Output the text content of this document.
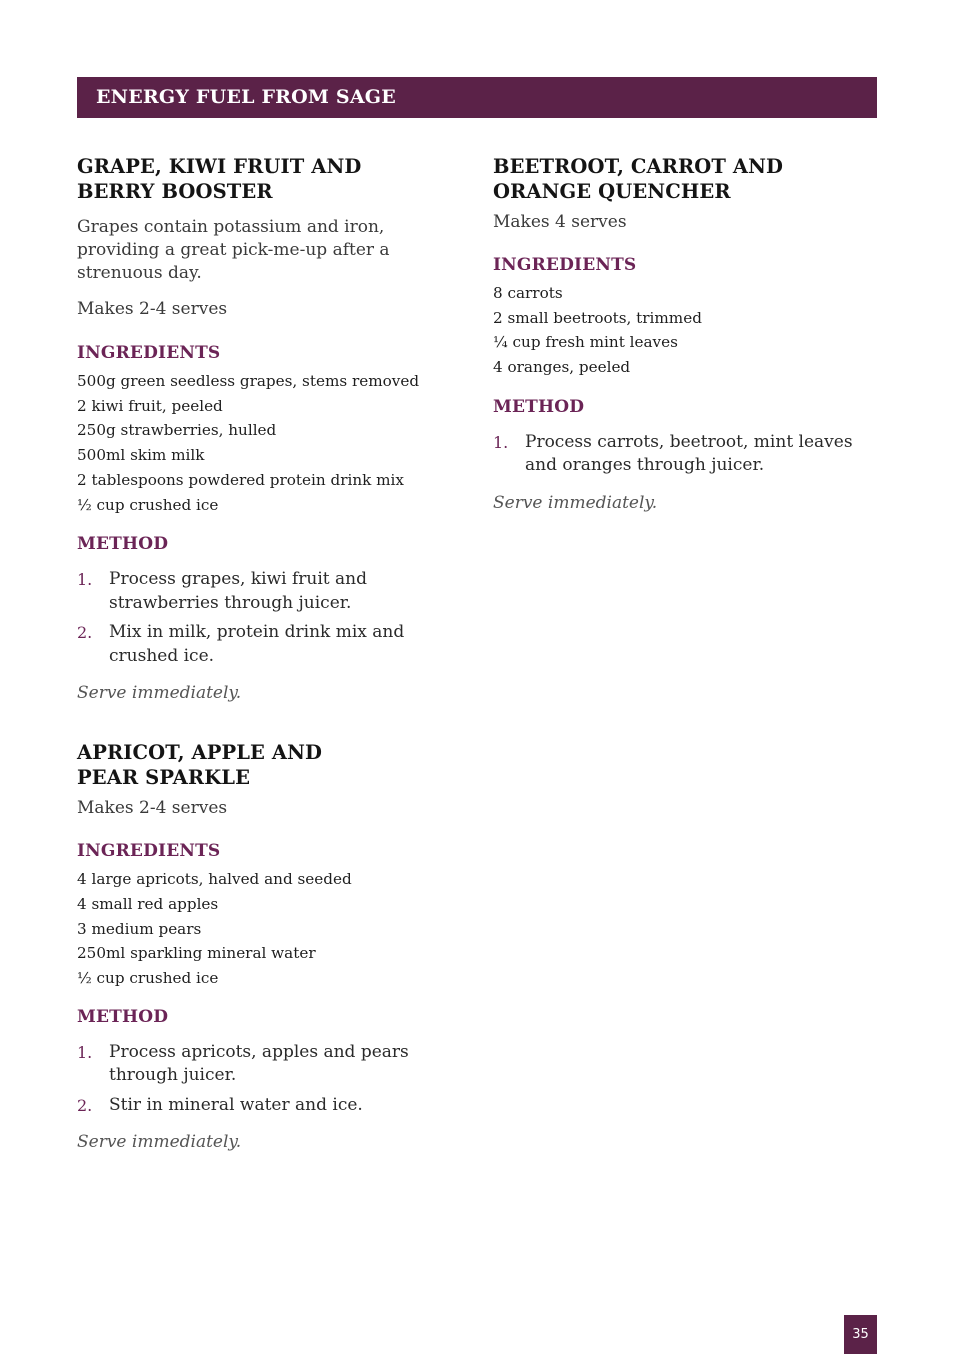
ENERGY FUEL FROM SAGE
GRAPE, KIWI FRUIT AND
BERRY BOOSTER

Grapes contain potassium and iron, providing a great pick-me-up after a strenuous day.

Makes 2-4 serves
INGREDIENTS
500g green seedless grapes, stems removed
2 kiwi fruit, peeled
250g strawberries, hulled
500ml skim milk
2 tablespoons powdered protein drink mix
½ cup crushed ice
METHOD
1. Process grapes, kiwi fruit and strawberries through juicer.
2. Mix in milk, protein drink mix and crushed ice.
Serve immediately.
APRICOT, APPLE AND
PEAR SPARKLE
Makes 2-4 serves
INGREDIENTS
4 large apricots, halved and seeded
4 small red apples
3 medium pears
250ml sparkling mineral water
½ cup crushed ice
METHOD
1. Process apricots, apples and pears through juicer.
2. Stir in mineral water and ice.
Serve immediately.
BEETROOT, CARROT AND
ORANGE QUENCHER
Makes 4 serves
INGREDIENTS
8 carrots
2 small beetroots, trimmed
¼ cup fresh mint leaves
4 oranges, peeled
METHOD
1. Process carrots, beetroot, mint leaves and oranges through juicer.
Serve immediately.
35
